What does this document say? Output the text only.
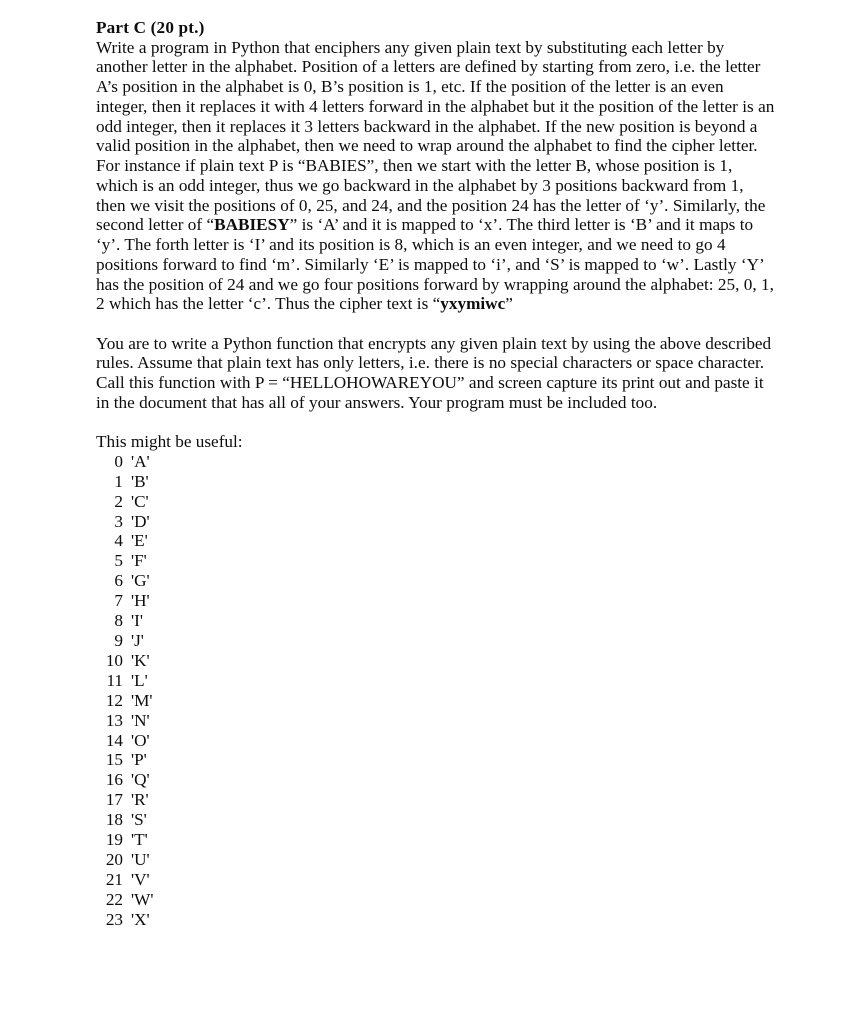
Part C (20 pt.)

Write a program in Python that enciphers any given plain text by substituting each letter by another letter in the alphabet. Position of a letters are defined by starting from zero, i.e. the letter A’s position in the alphabet is 0, B’s position is 1, etc. If the position of the letter is an even integer, then it replaces it with 4 letters forward in the alphabet but it the position of the letter is an odd integer, then it replaces it 3 letters backward in the alphabet. If the new position is beyond a valid position in the alphabet, then we need to wrap around the alphabet to find the cipher letter. For instance if plain text P is “BABIES”, then we start with the letter B, whose position is 1, which is an odd integer, thus we go backward in the alphabet by 3 positions backward from 1, then we visit the positions of 0, 25, and 24, and the position 24 has the letter of ‘y’. Similarly, the second letter of “BABIESY” is ‘A’ and it is mapped to ‘x’. The third letter is ‘B’ and it maps to ‘y’. The forth letter is ‘I’ and its position is 8, which is an even integer, and we need to go 4 positions forward to find ‘m’. Similarly ‘E’ is mapped to ‘i’, and ‘S’ is mapped to ‘w’. Lastly ‘Y’ has the position of 24 and we go four positions forward by wrapping around the alphabet: 25, 0, 1, 2 which has the letter ‘c’. Thus the cipher text is “yxymiwc”

You are to write a Python function that encrypts any given plain text by using the above described rules. Assume that plain text has only letters, i.e. there is no special characters or space character. Call this function with P = “HELLOHOWAREYOU” and screen capture its print out and paste it in the document that has all of your answers. Your program must be included too.

This might be useful:

0 'A'
1 'B'
2 'C'
3 'D'
4 'E'
5 'F'
6 'G'
7 'H'
8 'I'
9 'J'
10 'K'
11 'L'
12 'M'
13 'N'
14 'O'
15 'P'
16 'Q'
17 'R'
18 'S'
19 'T'
20 'U'
21 'V'
22 'W'
23 'X'
